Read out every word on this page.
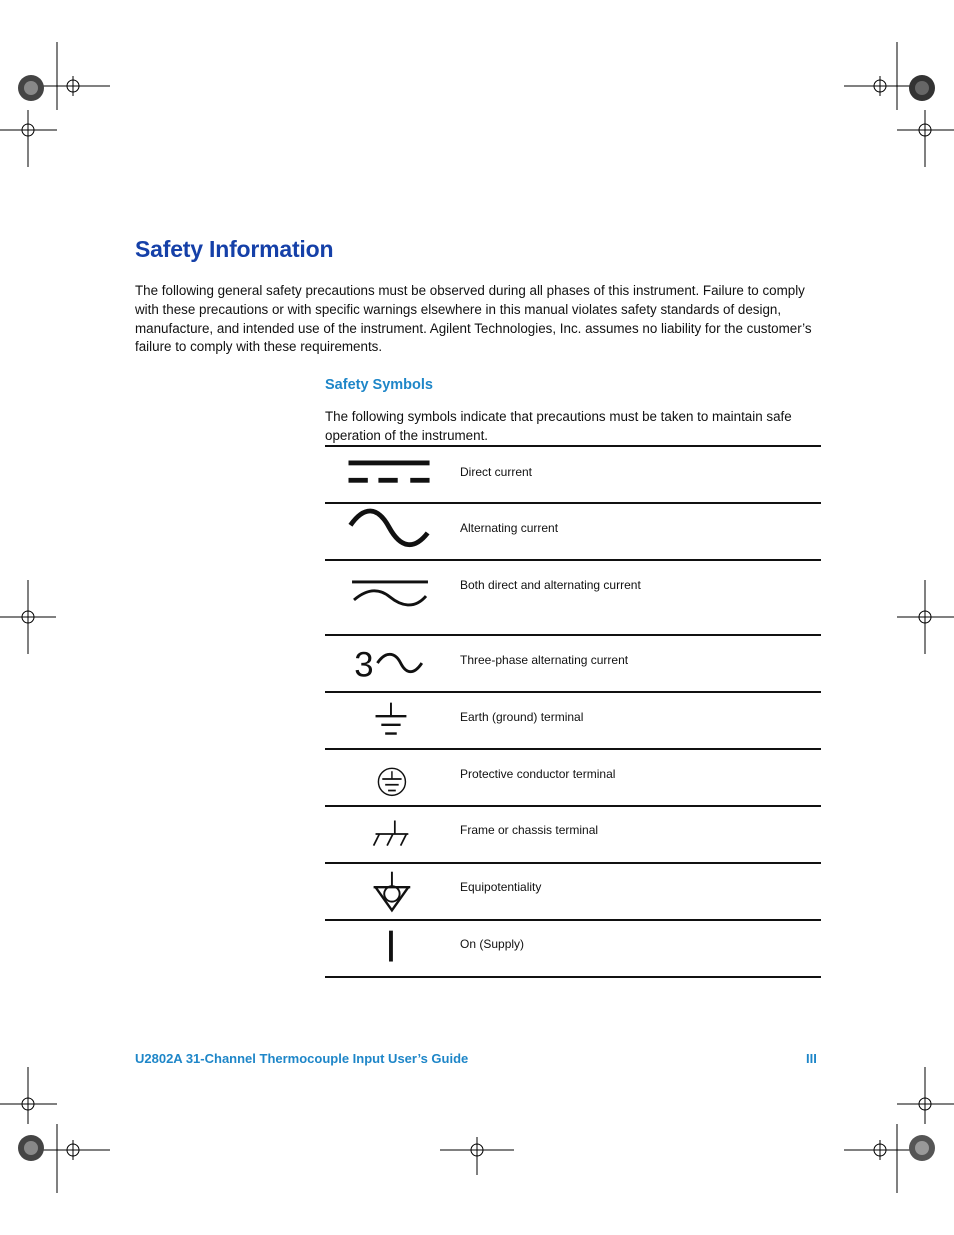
Safety Information

The following general safety precautions must be observed during all phases of this instrument. Failure to comply with these precautions or with specific warnings elsewhere in this manual violates safety standards of design, manufacture, and intended use of the instrument. Agilent Technologies, Inc. assumes no liability for the customer’s failure to comply with these requirements.

Safety Symbols

The following symbols indicate that precautions must be taken to maintain safe operation of the instrument.

Direct current
Alternating current
Both direct and alternating current
3	Three-phase alternating current
Earth (ground) terminal
Protective conductor terminal
Frame or chassis terminal
Equipotentiality
On (Supply)
U2802A 31-Channel Thermocouple Input User’s Guide	III
